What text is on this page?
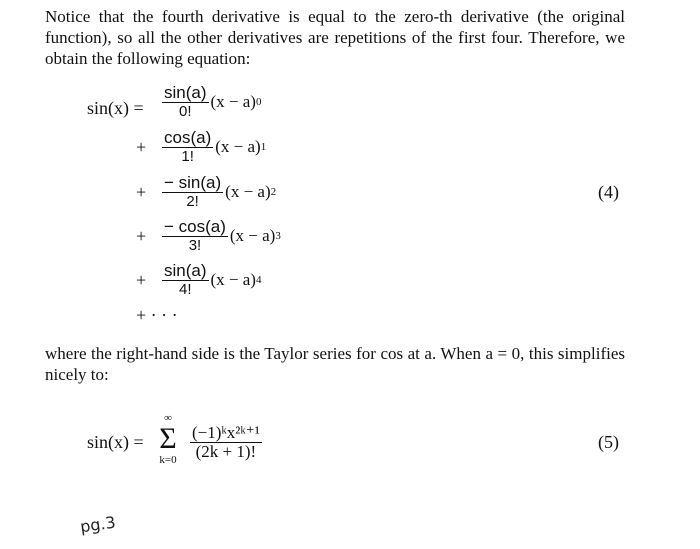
Notice that the fourth derivative is equal to the zero-th derivative (the original function), so all the other derivatives are repetitions of the first four. Therefore, we obtain the following equation:
$\sin(x) = \frac{\sin(a)}{0!} (x - a)$ 0
+ $\frac{\cos(a)}{1!} (x - a)$ 1
+ $\frac{- \sin(a)}{2!} (x - a)$ 2
+ $\frac{- \cos(a)}{3!} (x - a)$ 3
+ $\frac{\sin(a)}{4!} (x - a)$ 4
+ · · ·
(4)
where the right-hand side is the Taylor series for cos at a. When a = 0, this simplifies nicely to:
sin(x) =
∞
Σ
$k=0 \frac{\text{(−1)ᵏx²ᵏ⁺¹}}{(2k + 1)!}$	(5)
pg.3
